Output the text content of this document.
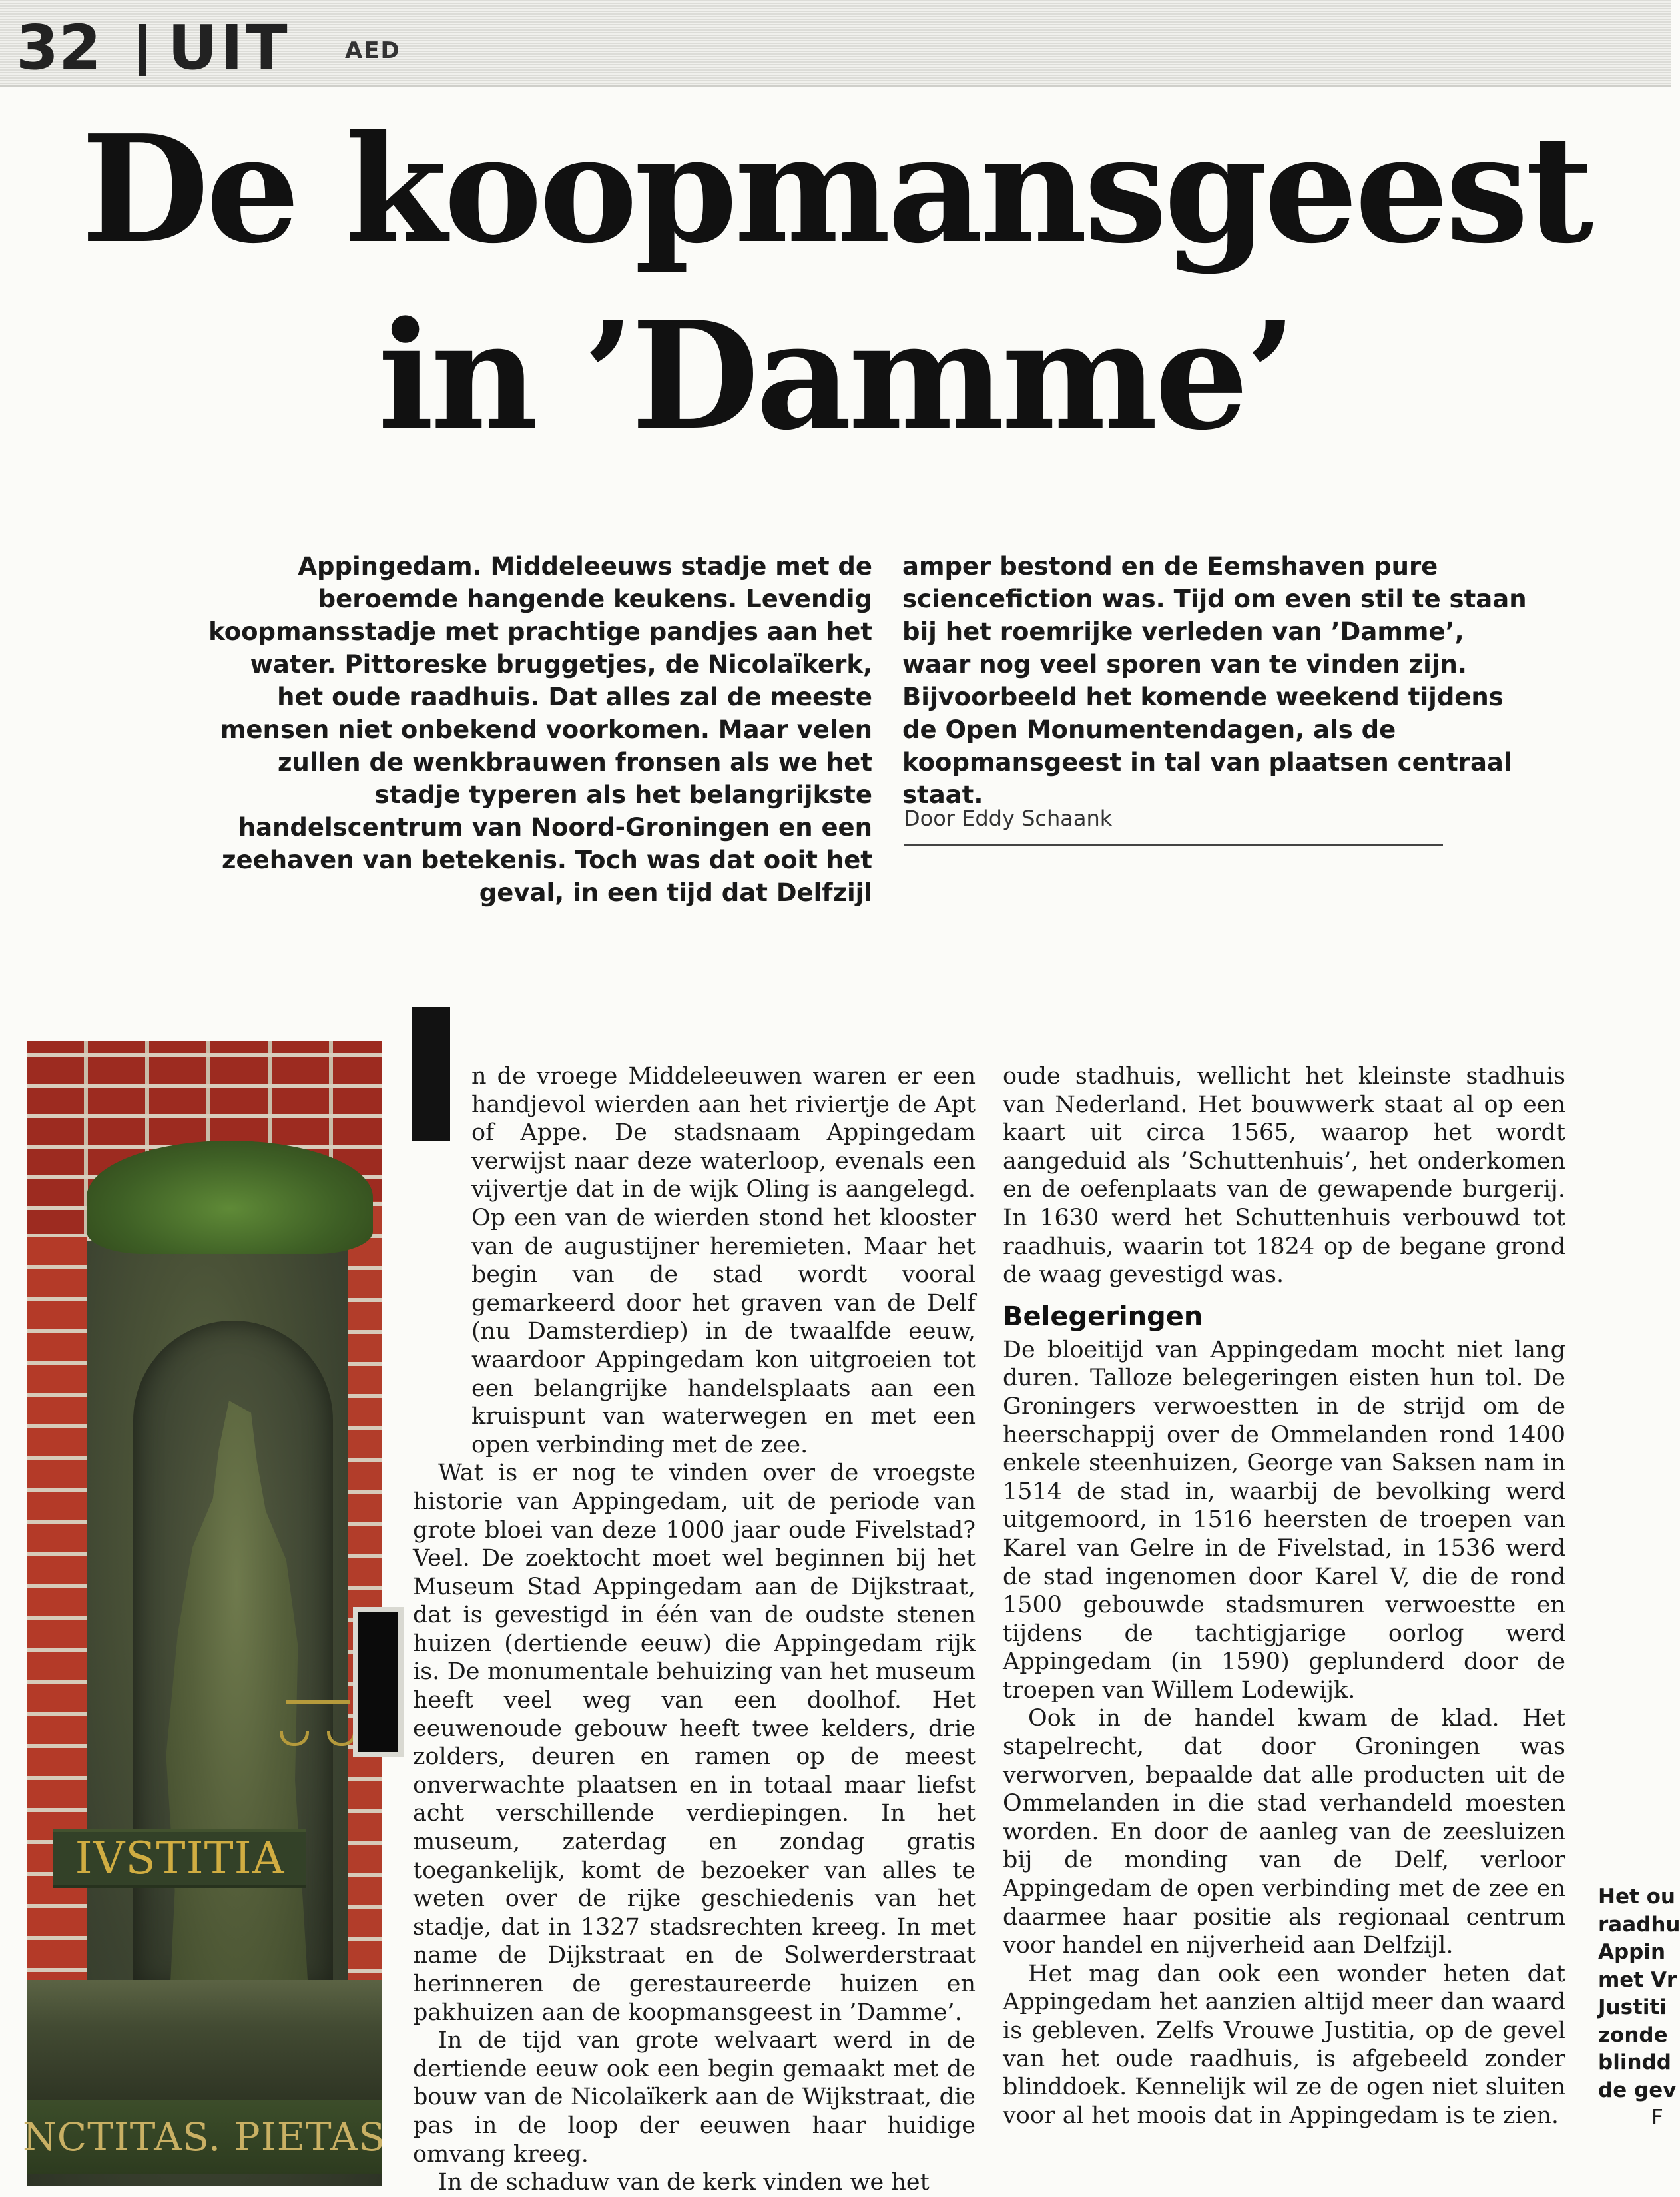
32 UIT AED
De koopmansgeest
in ’Damme’
Appingedam. Middeleeuws stadje met de beroemde hangende keukens. Levendig koopmansstadje met prachtige pandjes aan het water. Pittoreske bruggetjes, de Nicolaïkerk, het oude raadhuis. Dat alles zal de meeste mensen niet onbekend voorkomen. Maar velen zullen de wenkbrauwen fronsen als we het stadje typeren als het belangrijkste handelscentrum van Noord-Groningen en een zeehaven van betekenis. Toch was dat ooit het geval, in een tijd dat Delfzijl
amper bestond en de Eemshaven pure sciencefiction was. Tijd om even stil te staan bij het roemrijke verleden van ’Damme’, waar nog veel sporen van te vinden zijn. Bijvoorbeeld het komende weekend tijdens de Open Monumentendagen, als de koopmansgeest in tal van plaatsen centraal staat.
Door Eddy Schaank
IVSTITIA
NCTITAS. PIETAS

n de vroege Middeleeuwen waren er een handjevol wierden aan het riviertje de Apt of Appe. De stadsnaam Appingedam verwijst naar deze waterloop, evenals een vijvertje dat in de wijk Oling is aangelegd. Op een van de wierden stond het klooster van de augustijner heremieten. Maar het begin van de stad wordt vooral gemarkeerd door het graven van de Delf (nu Damsterdiep) in de twaalfde eeuw, waardoor Appingedam kon uitgroeien tot een belangrijke handelsplaats aan een kruispunt van waterwegen en met een open verbinding met de zee.

Wat is er nog te vinden over de vroegste historie van Appingedam, uit de periode van grote bloei van deze 1000 jaar oude Fivelstad? Veel. De zoektocht moet wel beginnen bij het Museum Stad Appingedam aan de Dijkstraat, dat is gevestigd in één van de oudste stenen huizen (dertiende eeuw) die Appingedam rijk is. De monumentale behuizing van het museum heeft veel weg van een doolhof. Het eeuwenoude gebouw heeft twee kelders, drie zolders, deuren en ramen op de meest onverwachte plaatsen en in totaal maar liefst acht verschillende verdiepingen. In het museum, zaterdag en zondag gratis toegankelijk, komt de bezoeker van alles te weten over de rijke geschiedenis van het stadje, dat in 1327 stadsrechten kreeg. In met name de Dijkstraat en de Solwerderstraat herinneren de gerestaureerde huizen en pakhuizen aan de koopmansgeest in ’Damme’.

In de tijd van grote welvaart werd in de dertiende eeuw ook een begin gemaakt met de bouw van de Nicolaïkerk aan de Wijkstraat, die pas in de loop der eeuwen haar huidige omvang kreeg.

In de schaduw van de kerk vinden we het

oude stadhuis, wellicht het kleinste stadhuis van Nederland. Het bouwwerk staat al op een kaart uit circa 1565, waarop het wordt aangeduid als ’Schuttenhuis’, het onderkomen en de oefenplaats van de gewapende burgerij. In 1630 werd het Schuttenhuis verbouwd tot raadhuis, waarin tot 1824 op de begane grond de waag gevestigd was.

Belegeringen

De bloeitijd van Appingedam mocht niet lang duren. Talloze belegeringen eisten hun tol. De Groningers verwoestten in de strijd om de heerschappij over de Ommelanden rond 1400 enkele steenhuizen, George van Saksen nam in 1514 de stad in, waarbij de bevolking werd uitgemoord, in 1516 heersten de troepen van Karel van Gelre in de Fivelstad, in 1536 werd de stad ingenomen door Karel V, die de rond 1500 gebouwde stadsmuren verwoestte en tijdens de tachtigjarige oorlog werd Appingedam (in 1590) geplunderd door de troepen van Willem Lodewijk.

Ook in de handel kwam de klad. Het stapelrecht, dat door Groningen was verworven, bepaalde dat alle producten uit de Ommelanden in die stad verhandeld moesten worden. En door de aanleg van de zeesluizen bij de monding van de Delf, verloor Appingedam de open verbinding met de zee en daarmee haar positie als regionaal centrum voor handel en nijverheid aan Delfzijl.

Het mag dan ook een wonder heten dat Appingedam het aanzien altijd meer dan waard is gebleven. Zelfs Vrouwe Justitia, op de gevel van het oude raadhuis, is afgebeeld zonder blinddoek. Kennelijk wil ze de ogen niet sluiten voor al het moois dat in Appingedam is te zien.

Het ou
raadhu
Appin
met Vr
Justiti
zonde
blindd
de gev
F
